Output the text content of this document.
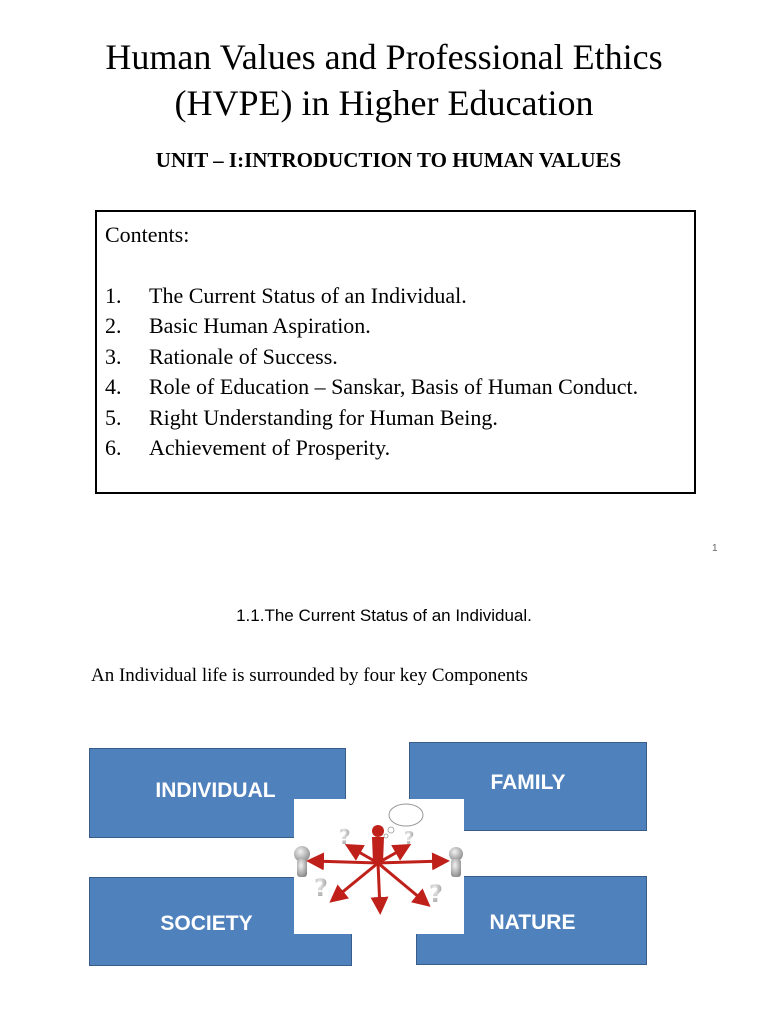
Human Values and Professional Ethics
(HVPE) in Higher Education
UNIT – I:INTRODUCTION TO HUMAN VALUES
Contents:
1.	The Current Status of an Individual.
2.	Basic Human Aspiration.
3.	Rationale of Success.
4.	Role of Education – Sanskar, Basis of Human Conduct.
5.	Right Understanding for Human Being.
6.	Achievement of Prosperity.
1
1.1.The Current Status of an Individual.
An Individual life is surrounded by four key Components
INDIVIDUAL	FAMILY
SOCIETY	NATURE
?	?
?	?
